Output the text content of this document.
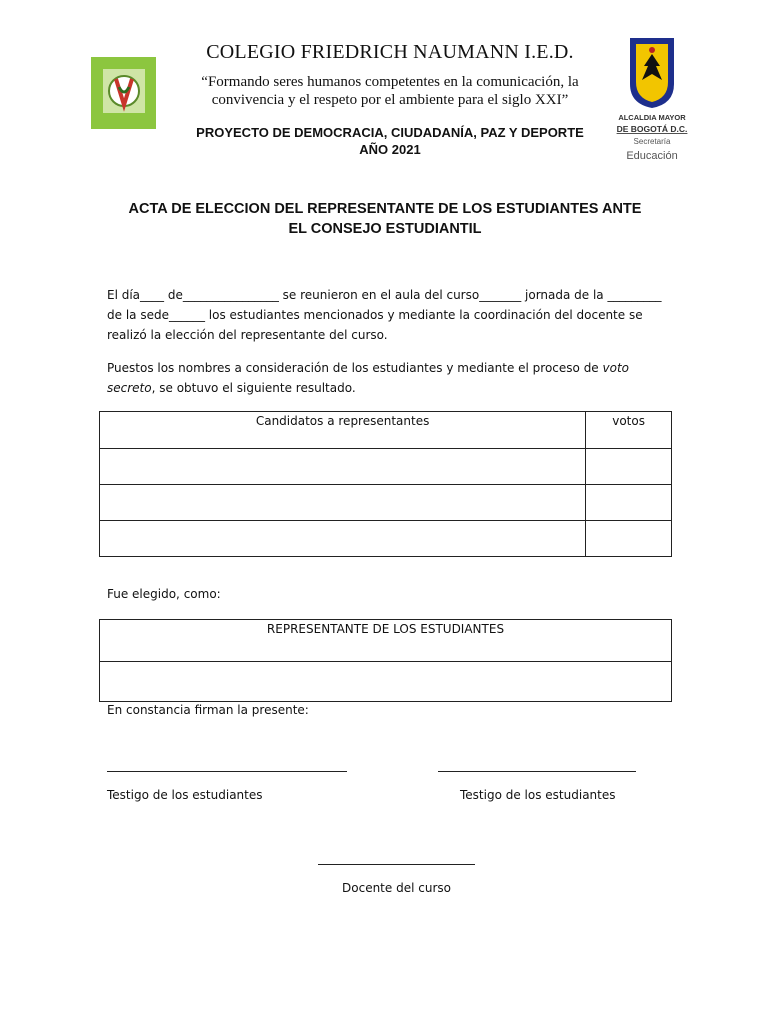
ALCALDIA MAYOR
DE BOGOTÁ D.C.
Secretaría
Educación
COLEGIO FRIEDRICH NAUMANN I.E.D.
“Formando seres humanos competentes en la comunicación, la
convivencia y el respeto por el ambiente para el siglo XXI”
PROYECTO DE DEMOCRACIA, CIUDADANÍA, PAZ Y DEPORTE
AÑO 2021
ACTA DE ELECCION DEL REPRESENTANTE DE LOS ESTUDIANTES ANTE
EL CONSEJO ESTUDIANTIL
El día____ de________________ se reunieron en el aula del curso_______ jornada de la _________ de la sede______ los estudiantes mencionados y mediante la coordinación del docente se realizó la elección del representante del curso.
Puestos los nombres a consideración de los estudiantes y mediante el proceso de voto secreto, se obtuvo el siguiente resultado.
Candidatos a representantes	votos

Fue elegido, como:
REPRESENTANTE DE LOS ESTUDIANTES

En constancia firman la presente:
Testigo de los estudiantes	Testigo de los estudiantes
Docente del curso
